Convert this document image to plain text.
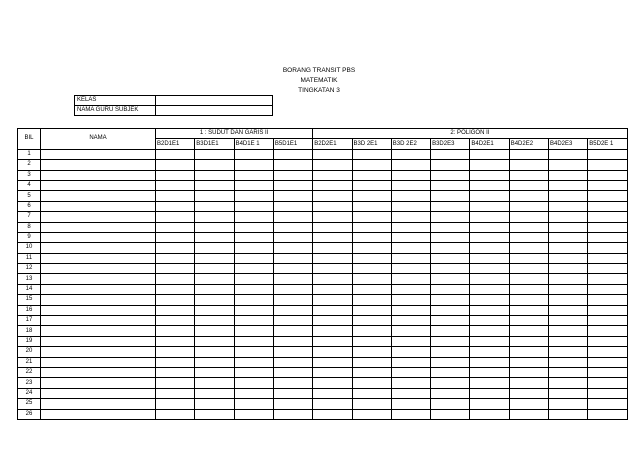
BORANG TRANSIT PBS
MATEMATIK
TINGKATAN 3
KELAS	
NAMA GURU SUBJEK	
BIL	NAMA	1 : SUDUT DAN GARIS II				2: POLIGON II							
		B2D1E1	B3D1E1	B4D1E 1	B5D1E1	B2D2E1	B3D 2E1	B3D 2E2	B3D2E3	B4D2E1	B4D2E2	B4D2E3	B5D2E 1
1													
2													
3													
4													
5													
6													
7													
8													
9													
10													
11													
12													
13													
14													
15													
16													
17													
18													
19													
20													
21													
22													
23													
24													
25													
26													
